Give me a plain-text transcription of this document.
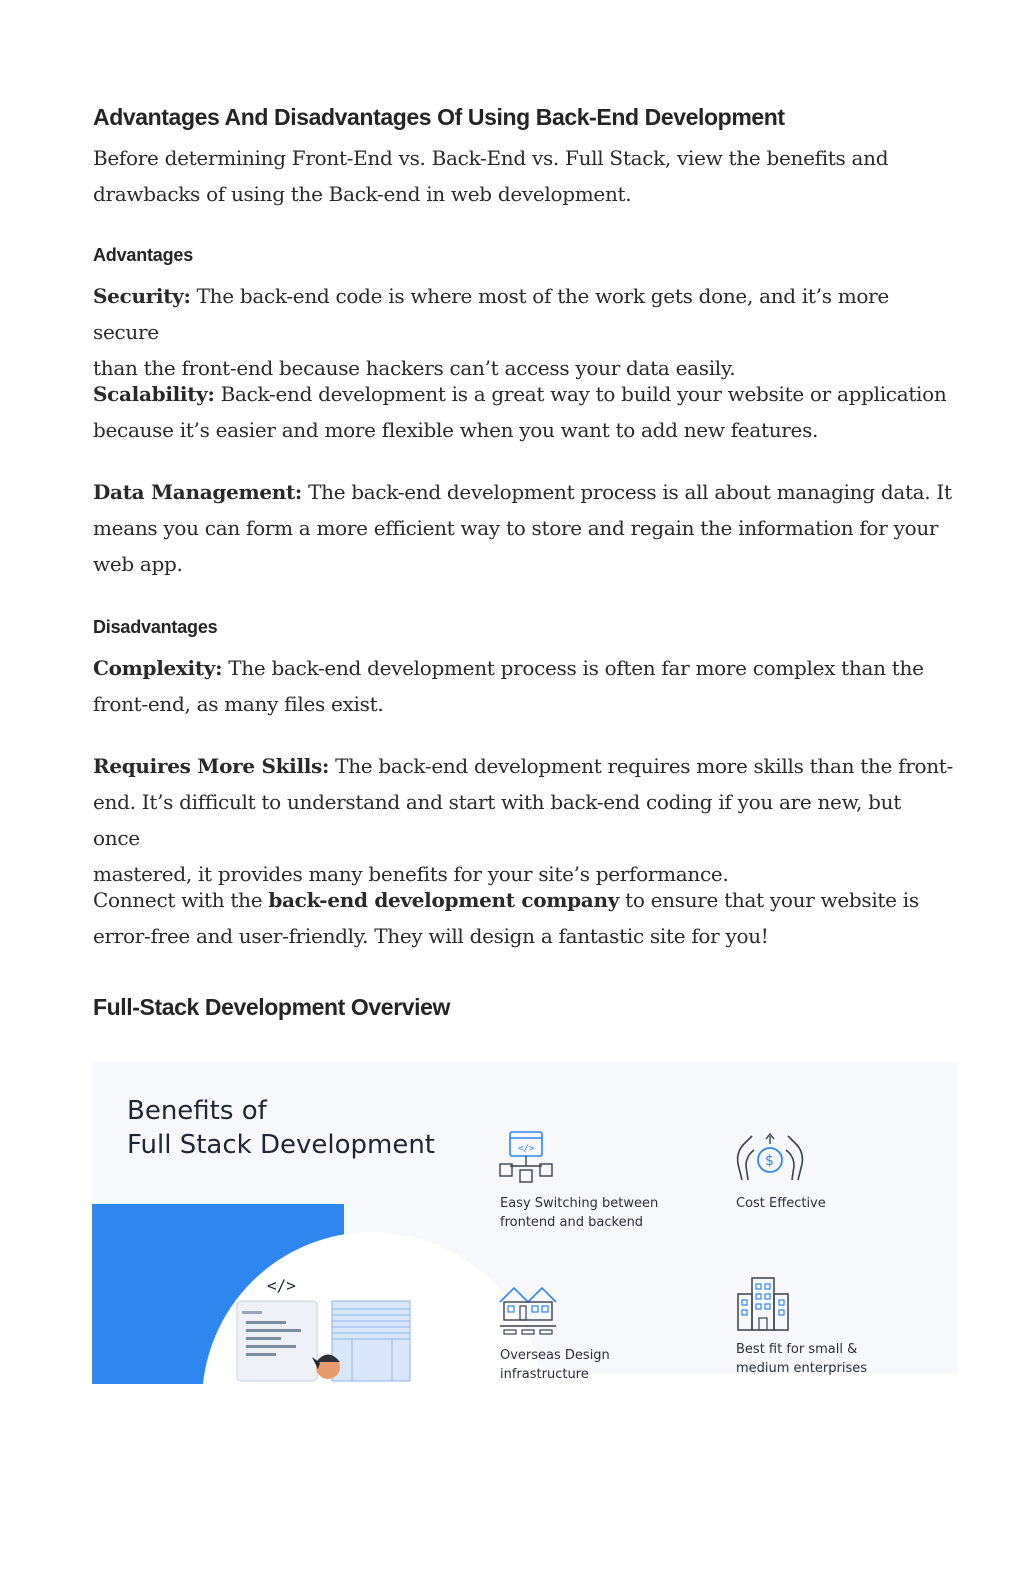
Advantages And Disadvantages Of Using Back-End Development

Before determining Front-End vs. Back-End vs. Full Stack, view the benefits and
drawbacks of using the Back-end in web development.

Advantages

Security: The back-end code is where most of the work gets done, and it’s more secure
than the front-end because hackers can’t access your data easily.

Scalability: Back-end development is a great way to build your website or application
because it’s easier and more flexible when you want to add new features.

Data Management: The back-end development process is all about managing data. It
means you can form a more efficient way to store and regain the information for your
web app.

Disadvantages

Complexity: The back-end development process is often far more complex than the
front-end, as many files exist.

Requires More Skills: The back-end development requires more skills than the front-
end. It’s difficult to understand and start with back-end coding if you are new, but once
mastered, it provides many benefits for your site’s performance.

Connect with the back-end development company to ensure that your website is
error-free and user-friendly. They will design a fantastic site for you!

Full-Stack Development Overview
Benefits of
Full Stack Development
</>
</>
Easy Switching between
frontend and backend
$
Cost Effective
Overseas Design
infrastructure
Best fit for small &
medium enterprises
